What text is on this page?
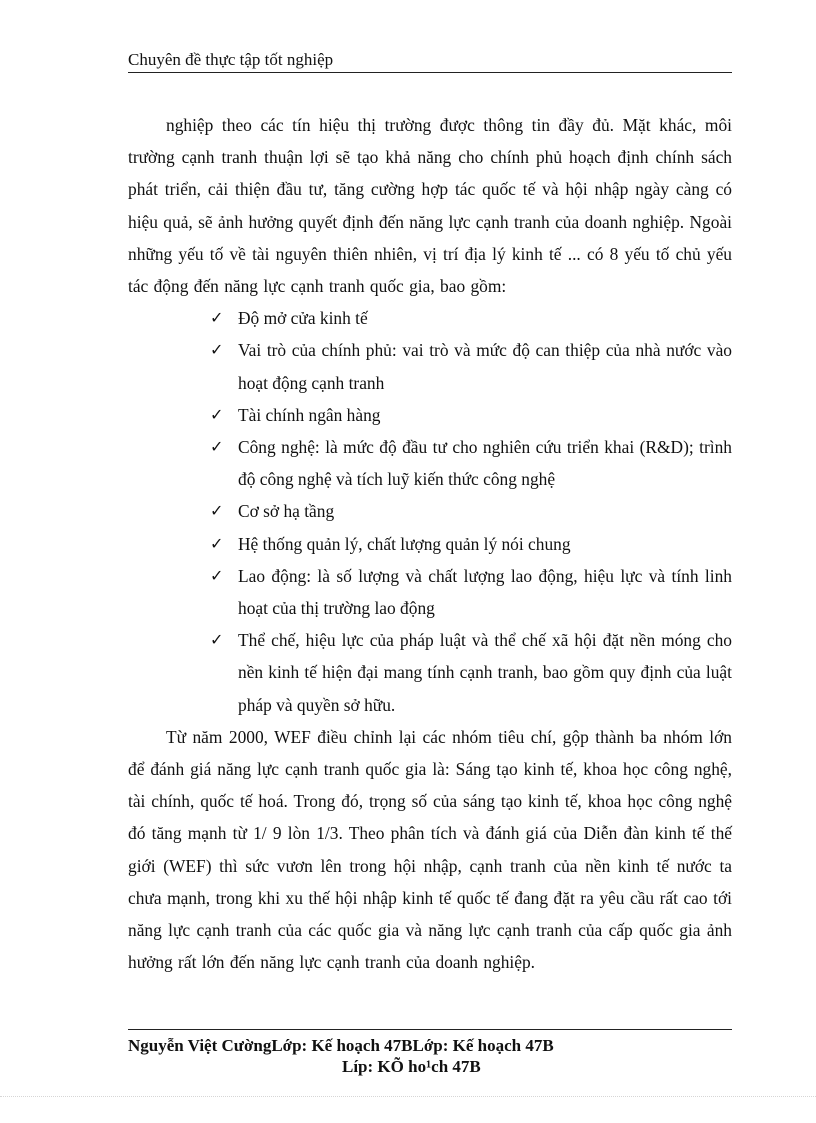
Chuyên đề thực tập tốt nghiệp

nghiệp theo các tín hiệu thị trường được thông tin đầy đủ. Mặt khác, môi trường cạnh tranh thuận lợi sẽ tạo khả năng cho chính phủ hoạch định chính sách phát triển, cải thiện đầu tư, tăng cường hợp tác quốc tế và hội nhập ngày càng có hiệu quả, sẽ ảnh hưởng quyết định đến năng lực cạnh tranh của doanh nghiệp. Ngoài những yếu tố về tài nguyên thiên nhiên, vị trí địa lý kinh tế ... có 8 yếu tố chủ yếu tác động đến năng lực cạnh tranh quốc gia, bao gồm:

✓ Độ mở cửa kinh tế
✓ Vai trò của chính phủ: vai trò và mức độ can thiệp của nhà nước vào hoạt động cạnh tranh
✓ Tài chính ngân hàng
✓ Công nghệ: là mức độ đầu tư cho nghiên cứu triển khai (R&D); trình độ công nghệ và tích luỹ kiến thức công nghệ
✓ Cơ sở hạ tầng
✓ Hệ thống quản lý, chất lượng quản lý nói chung
✓ Lao động: là số lượng và chất lượng lao động, hiệu lực và tính linh hoạt của thị trường lao động
✓ Thể chế, hiệu lực của pháp luật và thể chế xã hội đặt nền móng cho nền kinh tế hiện đại mang tính cạnh tranh, bao gồm quy định của luật pháp và quyền sở hữu.

Từ năm 2000, WEF điều chỉnh lại các nhóm tiêu chí, gộp thành ba nhóm lớn để đánh giá năng lực cạnh tranh quốc gia là: Sáng tạo kinh tế, khoa học công nghệ, tài chính, quốc tế hoá. Trong đó, trọng số của sáng tạo kinh tế, khoa học công nghệ đó tăng mạnh từ 1/ 9 lòn 1/3. Theo phân tích và đánh giá của Diễn đàn kinh tế thế giới (WEF) thì sức vươn lên trong hội nhập, cạnh tranh của nền kinh tế nước ta chưa mạnh, trong khi xu thế hội nhập kinh tế quốc tế đang đặt ra yêu cầu rất cao tới năng lực cạnh tranh của các quốc gia và năng lực cạnh tranh của cấp quốc gia ảnh hưởng rất lớn đến năng lực cạnh tranh của doanh nghiệp.

Nguyễn Việt CườngLớp: Kế hoạch 47BLớp: Kế hoạch 47B
Líp: KÕ ho¹ch 47B
